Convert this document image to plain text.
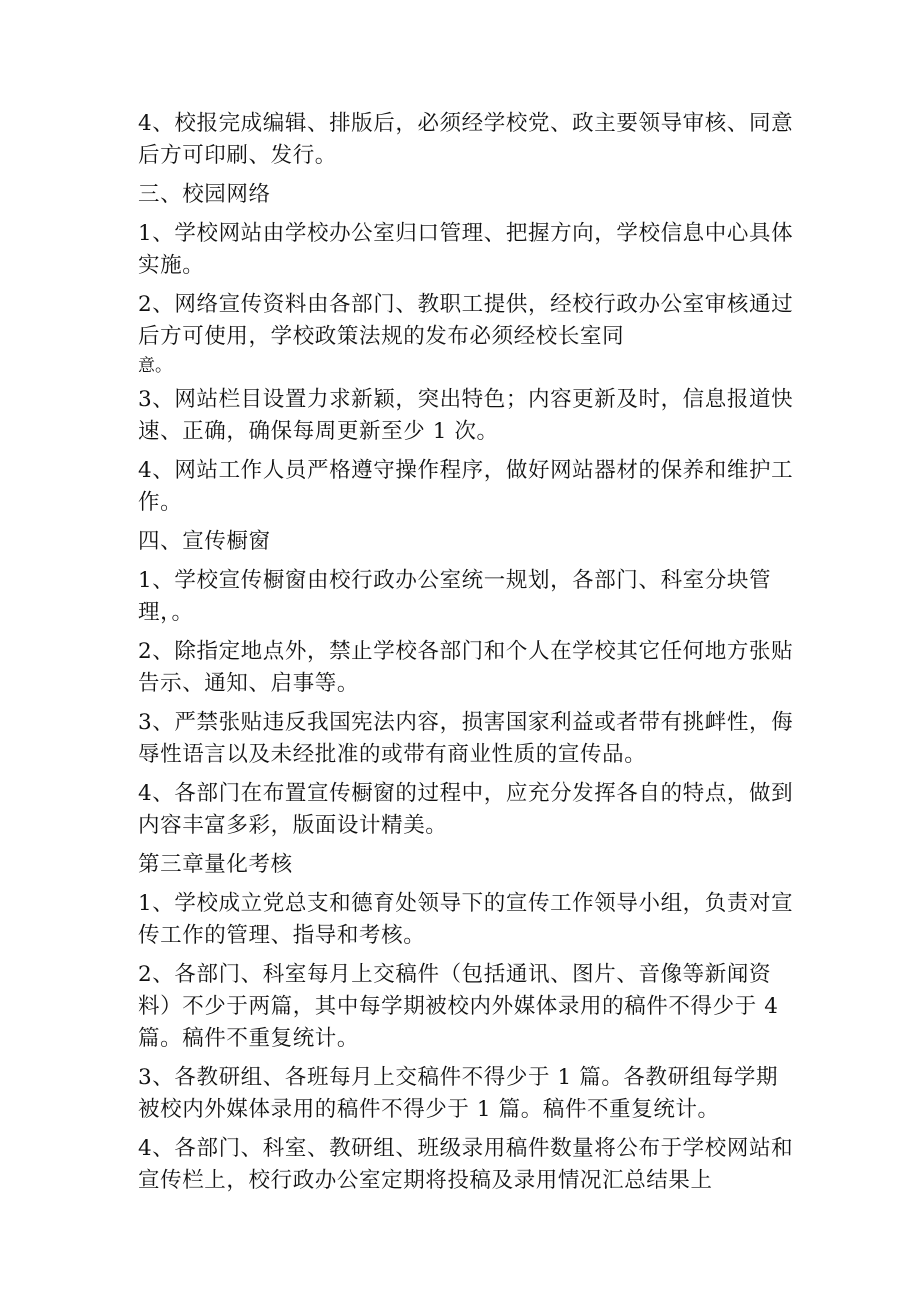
4、校报完成编辑、排版后，必须经学校党、政主要领导审核、同意后方可印刷、发行。

三、校园网络

1、学校网站由学校办公室归口管理、把握方向，学校信息中心具体实施。

2、网络宣传资料由各部门、教职工提供，经校行政办公室审核通过后方可使用，学校政策法规的发布必须经校长室同
意。

3、网站栏目设置力求新颖，突出特色；内容更新及时，信息报道快速、正确，确保每周更新至少 1 次。

4、网站工作人员严格遵守操作程序，做好网站器材的保养和维护工作。

四、宣传橱窗

1、学校宣传橱窗由校行政办公室统一规划，各部门、科室分块管理，。

2、除指定地点外，禁止学校各部门和个人在学校其它任何地方张贴告示、通知、启事等。

3、严禁张贴违反我国宪法内容，损害国家利益或者带有挑衅性，侮辱性语言以及未经批准的或带有商业性质的宣传品。

4、各部门在布置宣传橱窗的过程中，应充分发挥各自的特点，做到内容丰富多彩，版面设计精美。

第三章量化考核

1、学校成立党总支和德育处领导下的宣传工作领导小组，负责对宣传工作的管理、指导和考核。

2、各部门、科室每月上交稿件（包括通讯、图片、音像等新闻资料）不少于两篇，其中每学期被校内外媒体录用的稿件不得少于 4 篇。稿件不重复统计。

3、各教研组、各班每月上交稿件不得少于 1 篇。各教研组每学期被校内外媒体录用的稿件不得少于 1 篇。稿件不重复统计。

4、各部门、科室、教研组、班级录用稿件数量将公布于学校网站和宣传栏上，校行政办公室定期将投稿及录用情况汇总结果上
